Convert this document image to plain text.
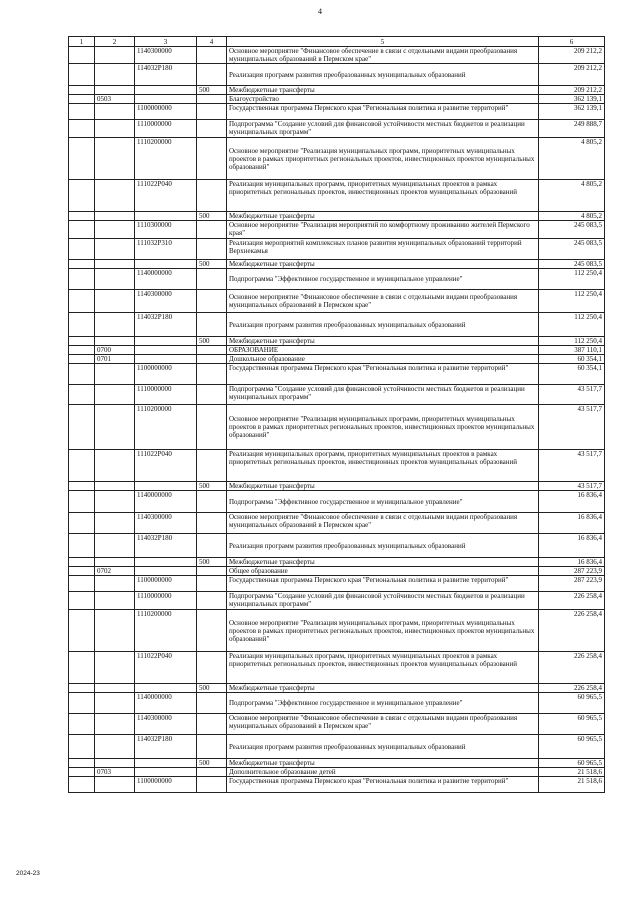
4
1	2	3	4	5	6
		1140300000		Основное мероприятие "Финансовое обеспечение в связи с отдельными видами преобразования муниципальных образований в Пермском крае"	209 212,2
		114032Р180		Реализация программ развития преобразованных муниципальных образований	209 212,2
			500	Межбюджетные трансферты	209 212,2
	0503			Благоустройство	362 139,1
		1100000000		Государственная программа Пермского края "Региональная политика и развитие территорий"	362 139,1
		1110000000		Подпрограмма "Создание условий для финансовой устойчивости местных бюджетов и реализации муниципальных программ"	249 888,7
		1110200000		Основное мероприятие "Реализация муниципальных программ, приоритетных муниципальных проектов в рамках приоритетных региональных проектов, инвестиционных проектов муниципальных образований"	4 805,2
		111022Р040		Реализация муниципальных программ, приоритетных муниципальных проектов в рамках приоритетных региональных проектов, инвестиционных проектов муниципальных образований	4 805,2
			500	Межбюджетные трансферты	4 805,2
		1110300000		Основное мероприятие "Реализация мероприятий по комфортному проживанию жителей Пермского края"	245 083,5
		111032Р310		Реализация мероприятий комплексных планов развития муниципальных образований территорий Верхнекамья	245 083,5
			500	Межбюджетные трансферты	245 083,5
		1140000000		Подпрограмма "Эффективное государственное и муниципальное управление"	112 250,4
		1140300000		Основное мероприятие "Финансовое обеспечение в связи с отдельными видами преобразования муниципальных образований в Пермском крае"	112 250,4
		114032Р180		Реализация программ развития преобразованных муниципальных образований	112 250,4
			500	Межбюджетные трансферты	112 250,4
	0700			ОБРАЗОВАНИЕ	387 110,1
	0701			Дошкольное образование	60 354,1
		1100000000		Государственная программа Пермского края "Региональная политика и развитие территорий"	60 354,1
		1110000000		Подпрограмма "Создание условий для финансовой устойчивости местных бюджетов и реализации муниципальных программ"	43 517,7
		1110200000		Основное мероприятие "Реализация муниципальных программ, приоритетных муниципальных проектов в рамках приоритетных региональных проектов, инвестиционных проектов муниципальных образований"	43 517,7
		111022Р040		Реализация муниципальных программ, приоритетных муниципальных проектов в рамках приоритетных региональных проектов, инвестиционных проектов муниципальных образований	43 517,7
			500	Межбюджетные трансферты	43 517,7
		1140000000		Подпрограмма "Эффективное государственное и муниципальное управление"	16 836,4
		1140300000		Основное мероприятие "Финансовое обеспечение в связи с отдельными видами преобразования муниципальных образований в Пермском крае"	16 836,4
		114032Р180		Реализация программ развития преобразованных муниципальных образований	16 836,4
			500	Межбюджетные трансферты	16 836,4
	0702			Общее образование	287 223,9
		1100000000		Государственная программа Пермского края "Региональная политика и развитие территорий"	287 223,9
		1110000000		Подпрограмма "Создание условий для финансовой устойчивости местных бюджетов и реализации муниципальных программ"	226 258,4
		1110200000		Основное мероприятие "Реализация муниципальных программ, приоритетных муниципальных проектов в рамках приоритетных региональных проектов, инвестиционных проектов муниципальных образований"	226 258,4
		111022Р040		Реализация муниципальных программ, приоритетных муниципальных проектов в рамках приоритетных региональных проектов, инвестиционных проектов муниципальных образований	226 258,4
			500	Межбюджетные трансферты	226 258,4
		1140000000		Подпрограмма "Эффективное государственное и муниципальное управление"	60 965,5
		1140300000		Основное мероприятие "Финансовое обеспечение в связи с отдельными видами преобразования муниципальных образований в Пермском крае"	60 965,5
		114032Р180		Реализация программ развития преобразованных муниципальных образований	60 965,5
			500	Межбюджетные трансферты	60 965,5
	0703			Дополнительное образование детей	21 518,6
		1100000000		Государственная программа Пермского края "Региональная политика и развитие территорий"	21 518,6
2024-23
